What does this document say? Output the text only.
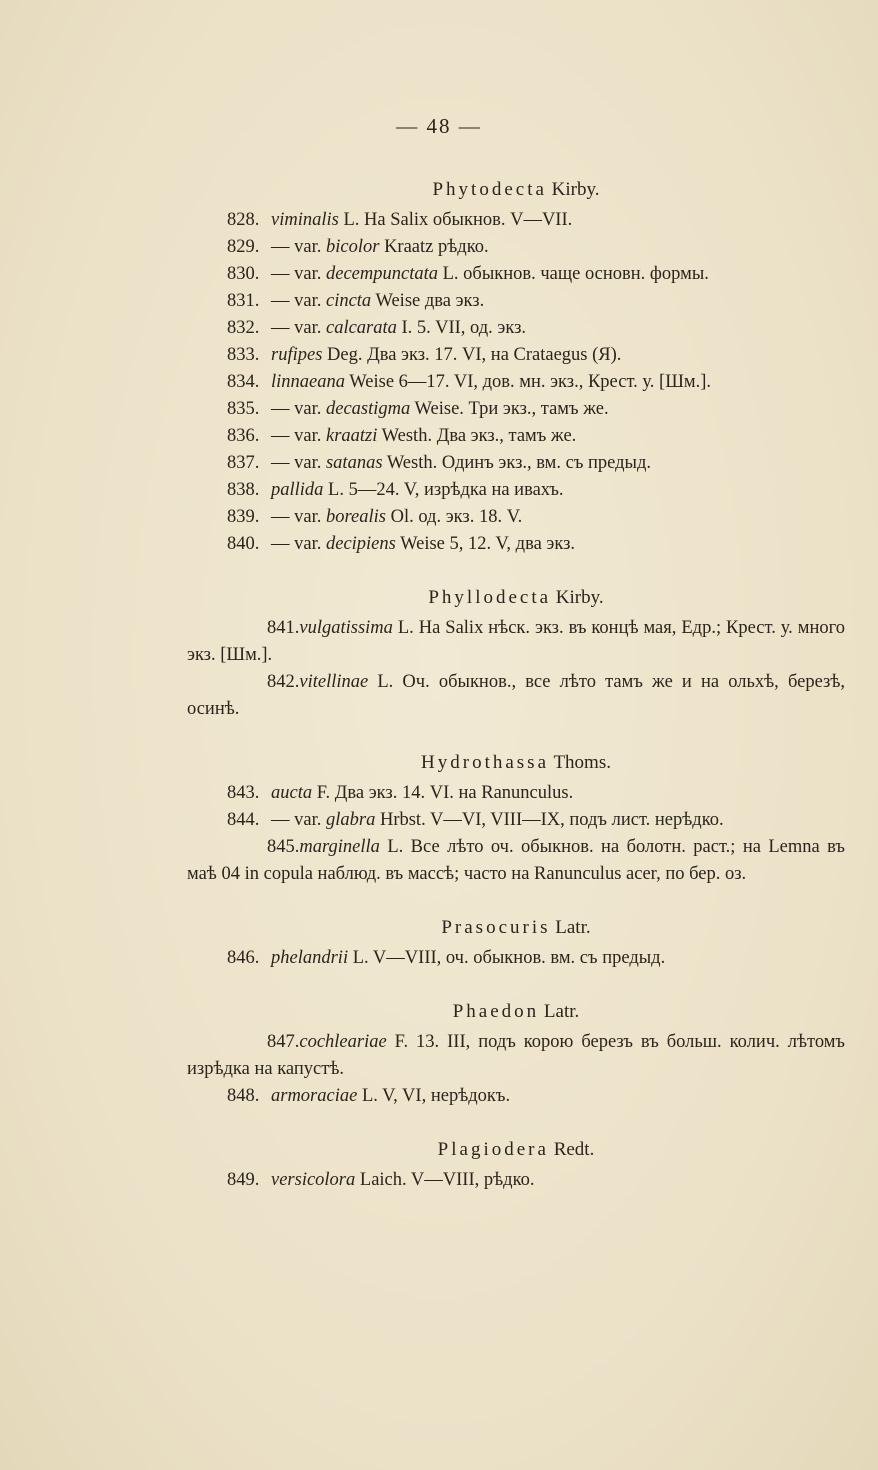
— 48 —
Phytodecta Kirby.
828. viminalis L. На Salix обыкнов. V—VII.
829. — var. bicolor Kraatz рѣдко.
830. — var. decempunctata L. обыкнов. чаще основн. формы.
831. — var. cincta Weise два экз.
832. — var. calcarata I. 5. VII, од. экз.
833. rufipes Deg. Два экз. 17. VI, на Crataegus (Я).
834. linnaeana Weise 6—17. VI, дов. мн. экз., Крест. у. [Шм.].
835. — var. decastigma Weise. Три экз., тамъ же.
836. — var. kraatzi Westh. Два экз., тамъ же.
837. — var. satanas Westh. Одинъ экз., вм. съ предыд.
838. pallida L. 5—24. V, изрѣдка на ивахъ.
839. — var. borealis Ol. од. экз. 18. V.
840. — var. decipiens Weise 5, 12. V, два экз.
Phyllodecta Kirby.
841.vulgatissima L. На Salix нѣск. экз. въ концѣ мая, Едр.; Крест. у. много экз. [Шм.].
842.vitellinae L. Оч. обыкнов., все лѣто тамъ же и на ольхѣ, березѣ, осинѣ.
Hydrothassa Thoms.
843. aucta F. Два экз. 14. VI. на Ranunculus.
844. — var. glabra Hrbst. V—VI, VIII—IX, подъ лист. нерѣдко.
845.marginella L. Все лѣто оч. обыкнов. на болотн. раст.; на Lemna въ маѣ 04 in copula наблюд. въ массѣ; часто на Ranunculus acer, по бер. оз.
Prasocuris Latr.
846. phelandrii L. V—VIII, оч. обыкнов. вм. съ предыд.
Phaedon Latr.
847.cochleariae F. 13. III, подъ корою березъ въ больш. колич. лѣтомъ изрѣдка на капустѣ.
848. armoraciae L. V, VI, нерѣдокъ.
Plagiodera Redt.
849. versicolora Laich. V—VIII, рѣдко.
